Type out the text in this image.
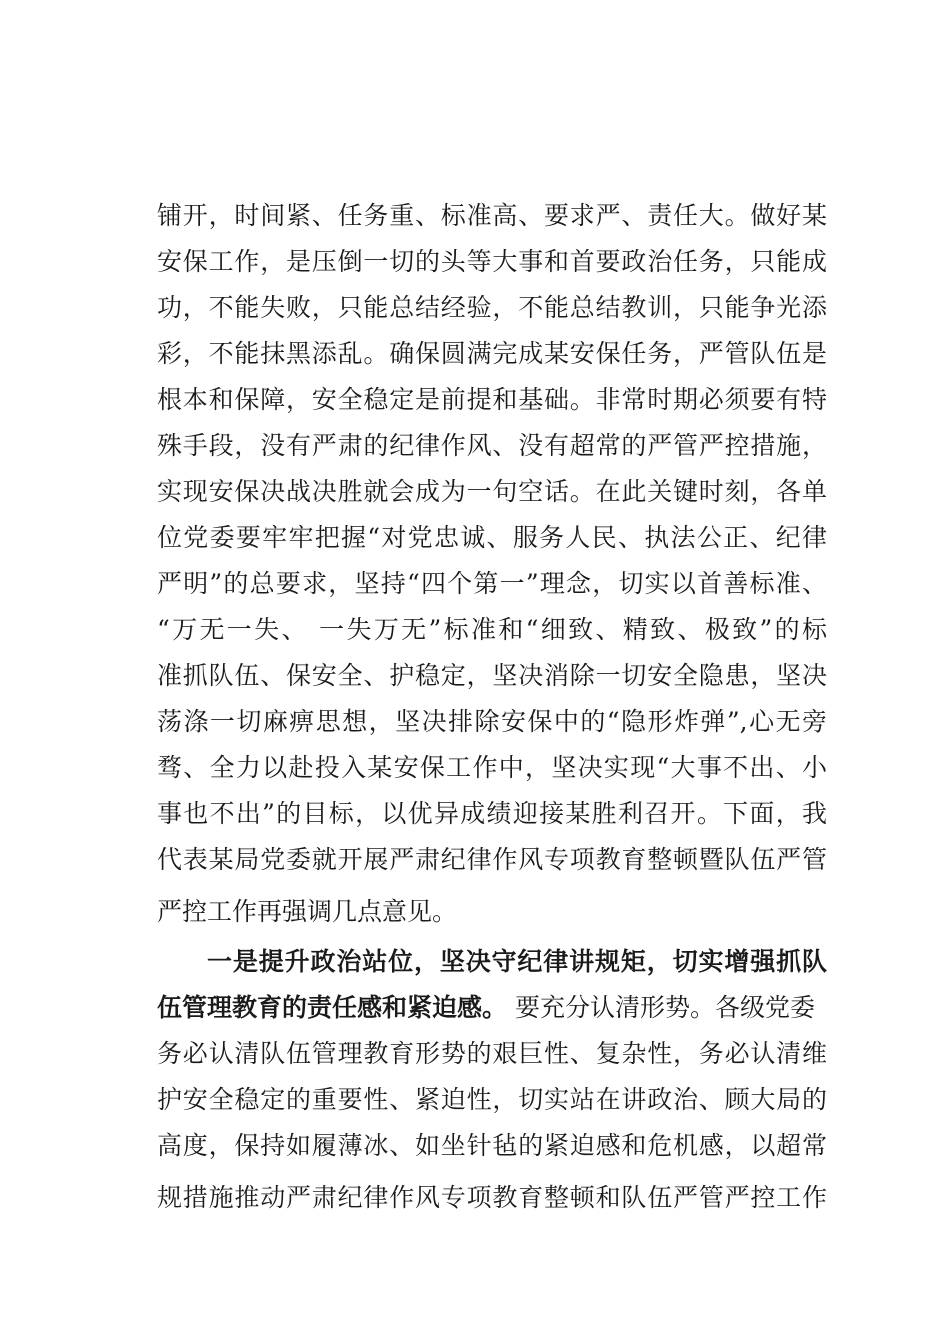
铺开，时间紧、任务重、标准高、要求严、责任大。做好某
安保工作，是压倒一切的头等大事和首要政治任务，只能成
功，不能失败，只能总结经验，不能总结教训，只能争光添
彩，不能抹黑添乱。确保圆满完成某安保任务，严管队伍是
根本和保障，安全稳定是前提和基础。非常时期必须要有特
殊手段，没有严肃的纪律作风、没有超常的严管严控措施，
实现安保决战决胜就会成为一句空话。在此关键时刻，各单
位党委要牢牢把握“对党忠诚、服务人民、执法公正、纪律
严明”的总要求，坚持“四个第一”理念，切实以首善标准、
“万无一失、 一失万无”标准和“细致、精致、极致”的标
准抓队伍、保安全、护稳定，坚决消除一切安全隐患，坚决
荡涤一切麻痹思想，坚决排除安保中的“隐形炸弹”,心无旁
骛、全力以赴投入某安保工作中，坚决实现“大事不出、小
事也不出”的目标，以优异成绩迎接某胜利召开。下面，我
代表某局党委就开展严肃纪律作风专项教育整顿暨队伍严管
严控工作再强调几点意见。
一是提升政治站位，坚决守纪律讲规矩，切实增强抓队
伍管理教育的责任感和紧迫感。 要充分认清形势。各级党委
务必认清队伍管理教育形势的艰巨性、复杂性，务必认清维
护安全稳定的重要性、紧迫性，切实站在讲政治、顾大局的
高度，保持如履薄冰、如坐针毡的紧迫感和危机感，以超常
规措施推动严肃纪律作风专项教育整顿和队伍严管严控工作
